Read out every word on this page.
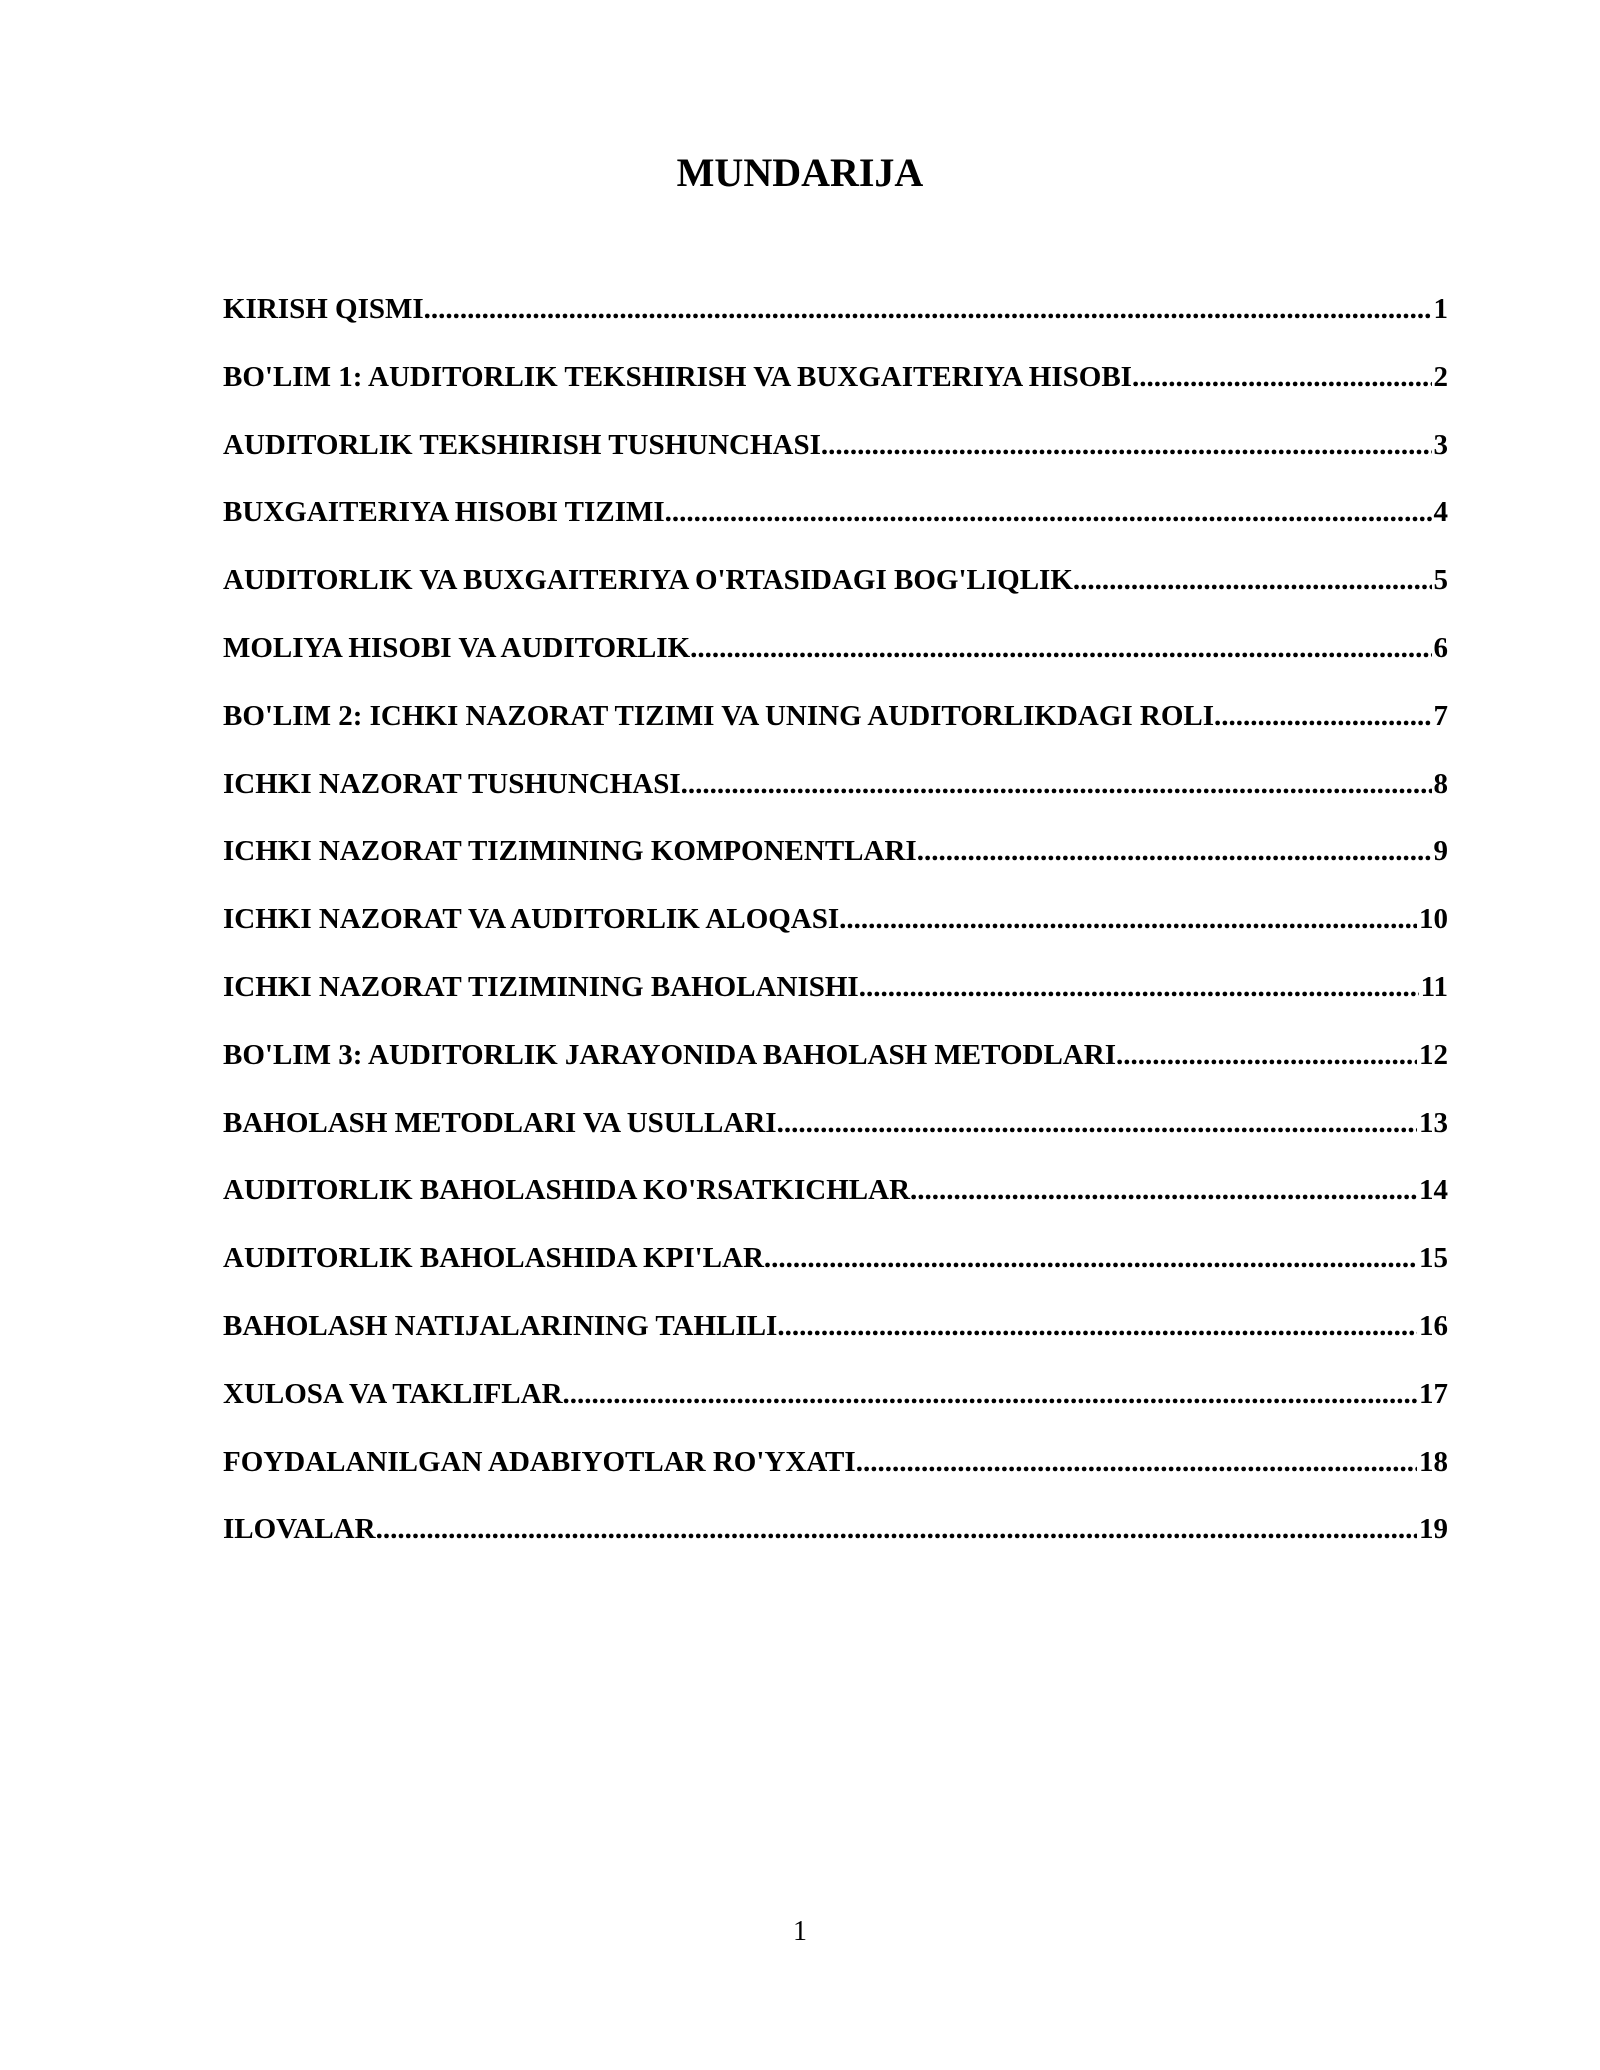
MUNDARIJA
KIRISH QISMI .....	1
BO'LIM 1: AUDITORLIK TEKSHIRISH VA BUXGAITERIYA HISOBI .....	2
AUDITORLIK TEKSHIRISH TUSHUNCHASI .....	3
BUXGAITERIYA HISOBI TIZIMI .....	4
AUDITORLIK VA BUXGAITERIYA O'RTASIDAGI BOG'LIQLIK .....	5
MOLIYA HISOBI VA AUDITORLIK .....	6
BO'LIM 2: ICHKI NAZORAT TIZIMI VA UNING AUDITORLIKDAGI ROLI .....	7
ICHKI NAZORAT TUSHUNCHASI .....	8
ICHKI NAZORAT TIZIMINING KOMPONENTLARI .....	9
ICHKI NAZORAT VA AUDITORLIK ALOQASI .....	10
ICHKI NAZORAT TIZIMINING BAHOLANISHI .....	11
BO'LIM 3: AUDITORLIK JARAYONIDA BAHOLASH METODLARI .....	12
BAHOLASH METODLARI VA USULLARI .....	13
AUDITORLIK BAHOLASHIDA KO'RSATKICHLAR .....	14
AUDITORLIK BAHOLASHIDA KPI'LAR .....	15
BAHOLASH NATIJALARINING TAHLILI .....	16
XULOSA VA TAKLIFLAR .....	17
FOYDALANILGAN ADABIYOTLAR RO'YXATI .....	18
ILOVALAR .....	19
1
